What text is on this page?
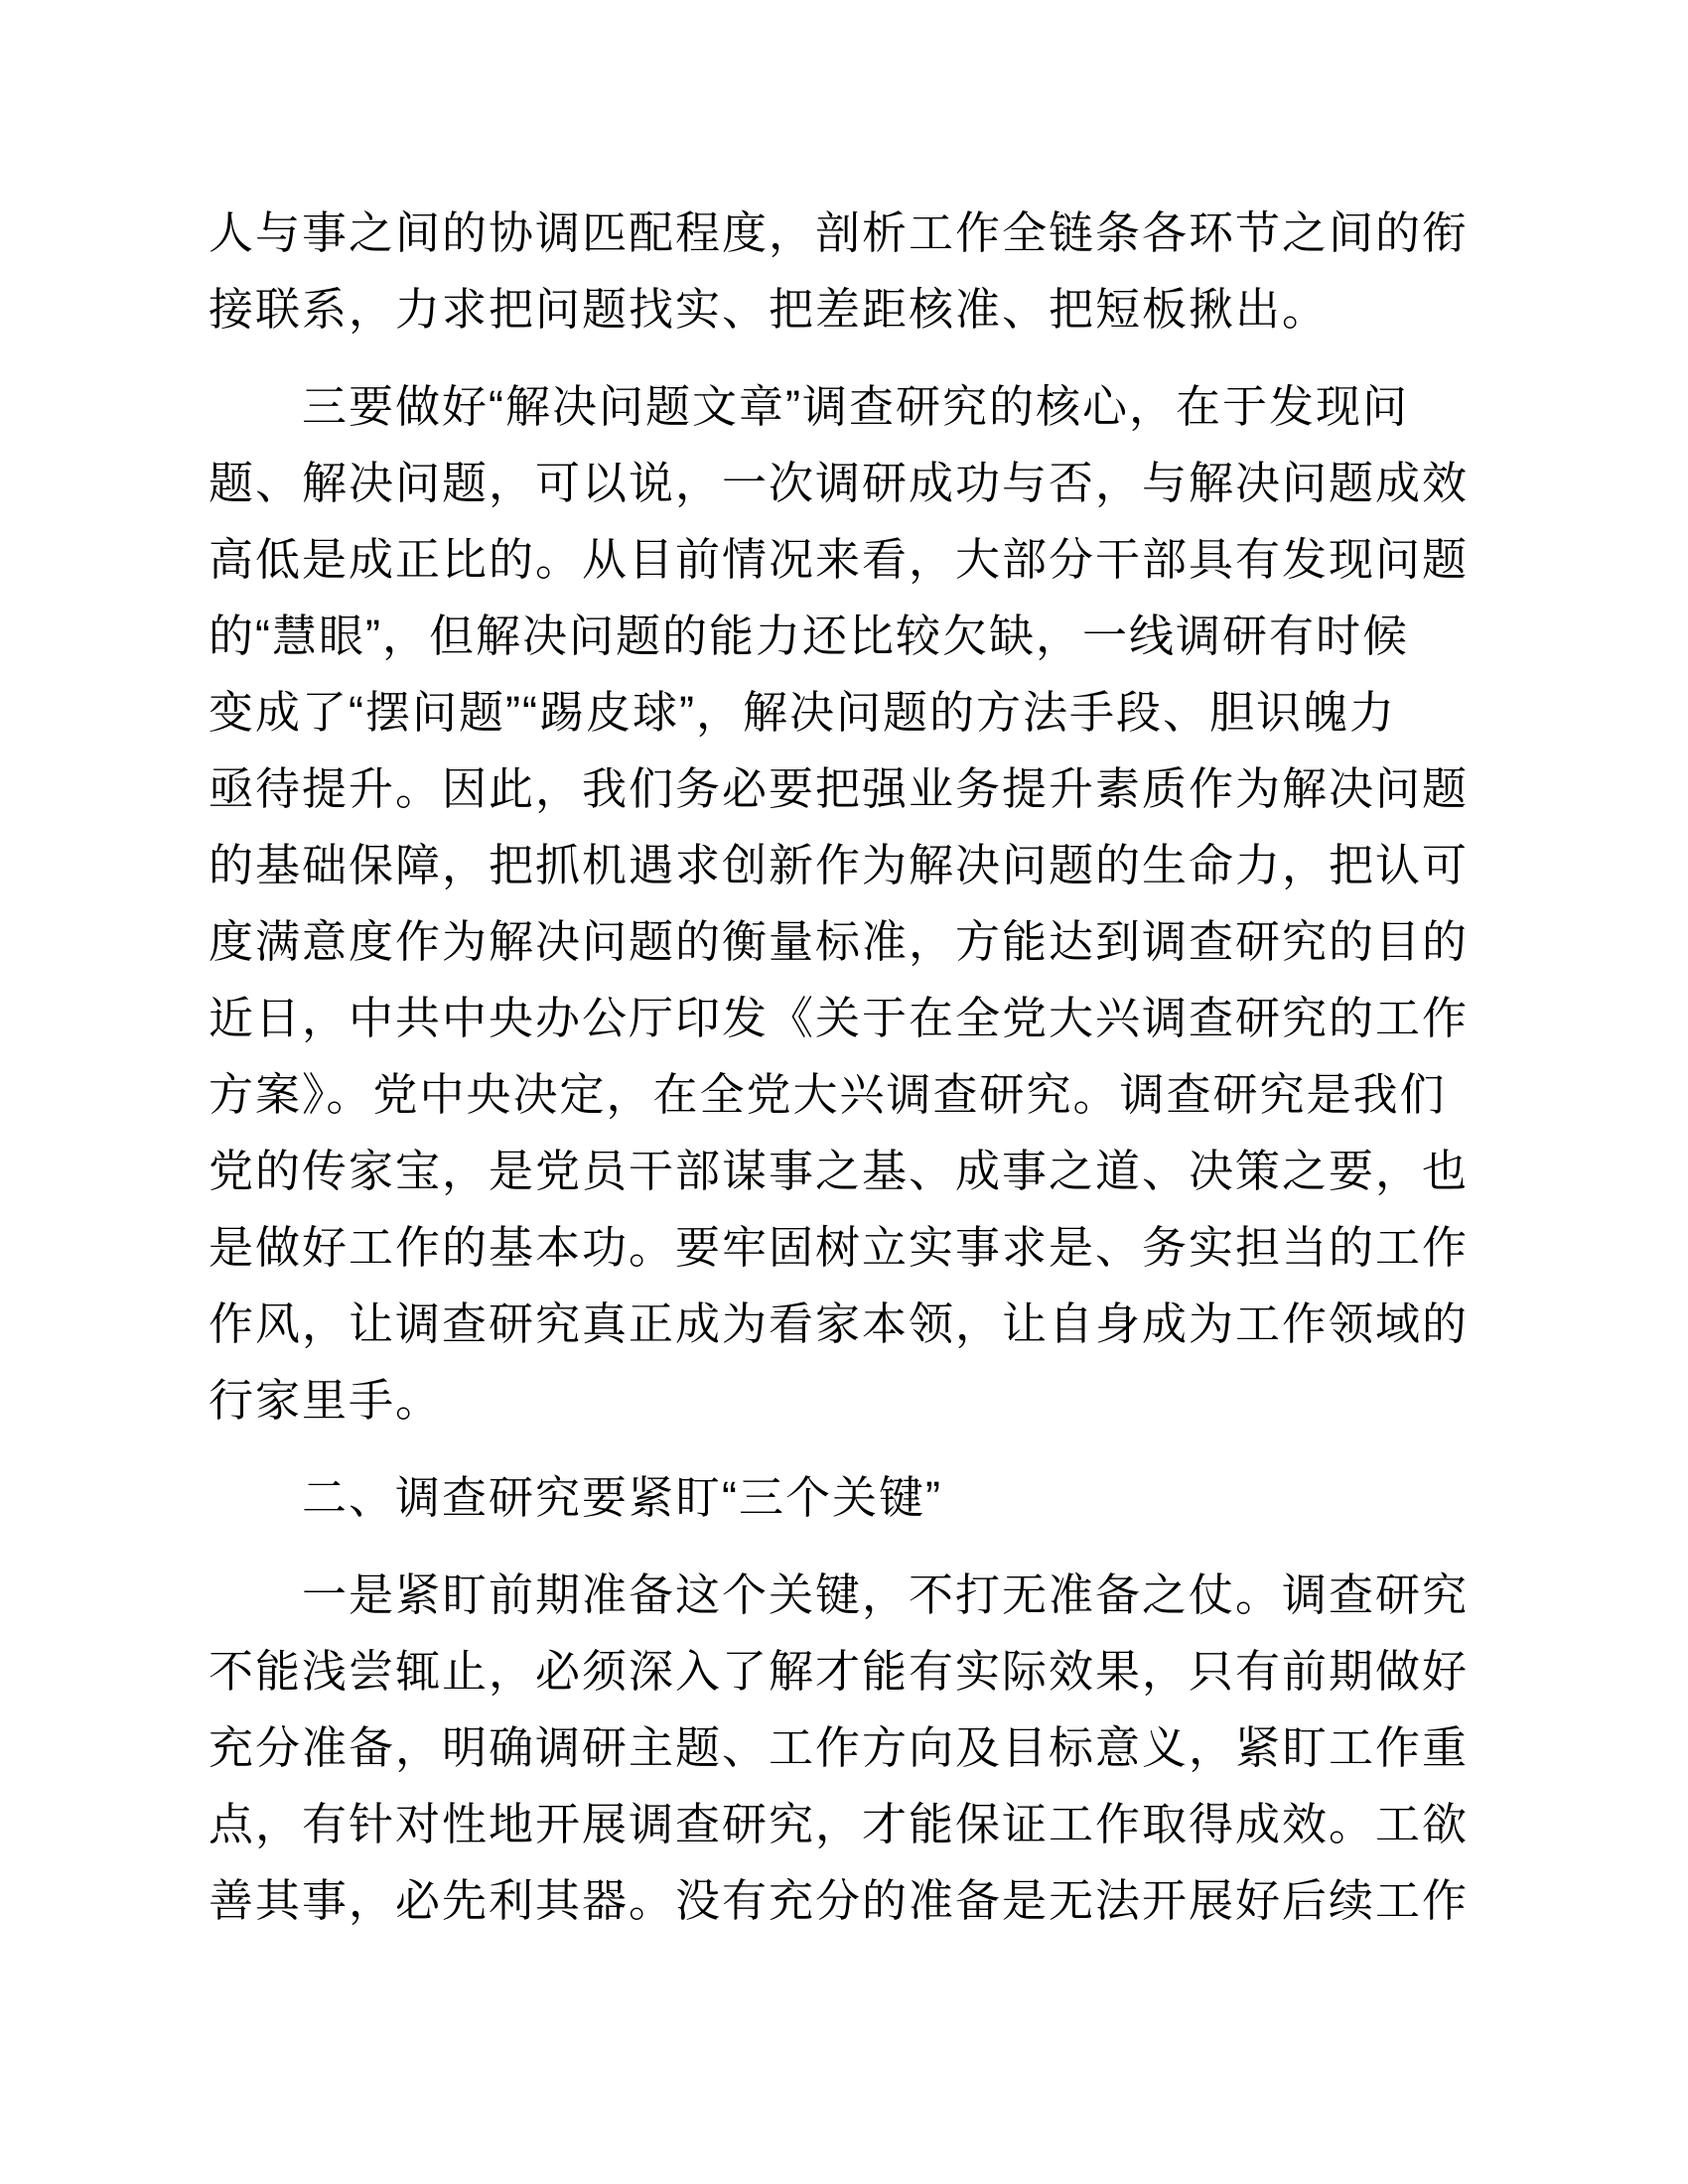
人与事之间的协调匹配程度，剖析工作全链条各环节之间的衔
接联系，力求把问题找实、把差距核准、把短板揪出。
三要做好“解决问题文章”调查研究的核心，在于发现问
题、解决问题，可以说，一次调研成功与否，与解决问题成效
高低是成正比的。从目前情况来看，大部分干部具有发现问题
的“慧眼”，但解决问题的能力还比较欠缺，一线调研有时候
变成了“摆问题”“踢皮球”，解决问题的方法手段、胆识魄力
亟待提升。因此，我们务必要把强业务提升素质作为解决问题
的基础保障，把抓机遇求创新作为解决问题的生命力，把认可
度满意度作为解决问题的衡量标准，方能达到调查研究的目的
近日，中共中央办公厅印发《关于在全党大兴调查研究的工作
方案》。党中央决定，在全党大兴调查研究。调查研究是我们
党的传家宝，是党员干部谋事之基、成事之道、决策之要，也
是做好工作的基本功。要牢固树立实事求是、务实担当的工作
作风，让调查研究真正成为看家本领，让自身成为工作领域的
行家里手。
二、调查研究要紧盯“三个关键”
一是紧盯前期准备这个关键，不打无准备之仗。调查研究
不能浅尝辄止，必须深入了解才能有实际效果，只有前期做好
充分准备，明确调研主题、工作方向及目标意义，紧盯工作重
点，有针对性地开展调查研究，才能保证工作取得成效。工欲
善其事，必先利其器。没有充分的准备是无法开展好后续工作
